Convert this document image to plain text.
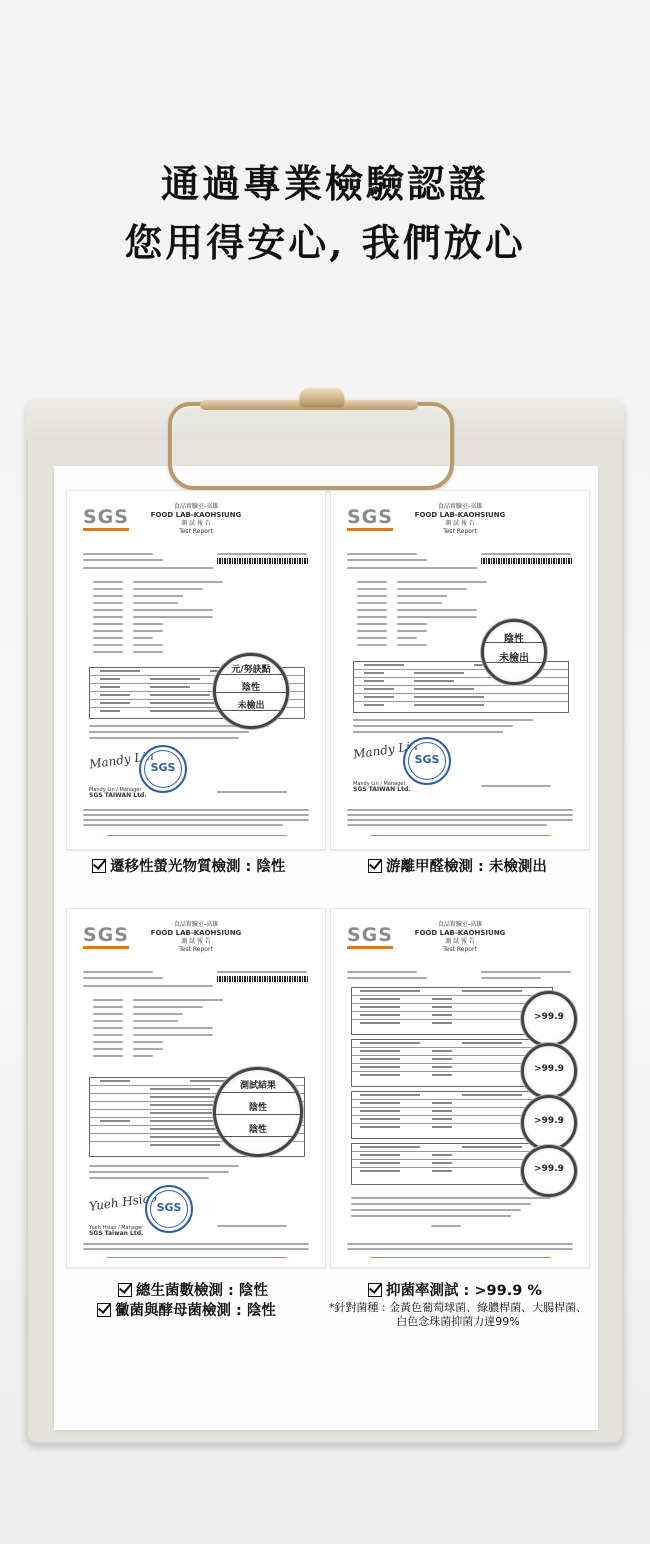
通過專業檢驗認證
您用得安心, 我們放心
SGS	食品實驗室-高雄
FOOD LAB-KAOHSIUNG
測 試 報 告
Test Report
元/努訣點
陰性
未檢出
Mandy Lin
SGS
Mandy Lin / Manager
SGS TAIWAN Ltd.
SGS	食品實驗室-高雄
FOOD LAB-KAOHSIUNG
測 試 報 告
Test Report
陰性
未檢出
Mandy Lin
SGS
Mandy Lin / Manager
SGS TAIWAN Ltd.
遷移性螢光物質檢測 : 陰性	游離甲醛檢測 : 未檢測出
SGS	食品實驗室-高雄
FOOD LAB-KAOHSIUNG
測 試 報 告
Test Report
測試結果
陰性
陰性
Yueh Hsiao
SGS
Yueh Hsiao / Manager
SGS Taiwan Ltd.
SGS	食品實驗室-高雄
FOOD LAB-KAOHSIUNG
測 試 報 告
Test Report
>99.9
>99.9
>99.9
>99.9
總生菌數檢測 : 陰性
黴菌與酵母菌檢測 : 陰性
抑菌率測試 : >99.9 %
*針對菌種 : 金黃色葡萄球菌、綠膿桿菌、大腸桿菌、
白色念珠菌抑菌力達99%
